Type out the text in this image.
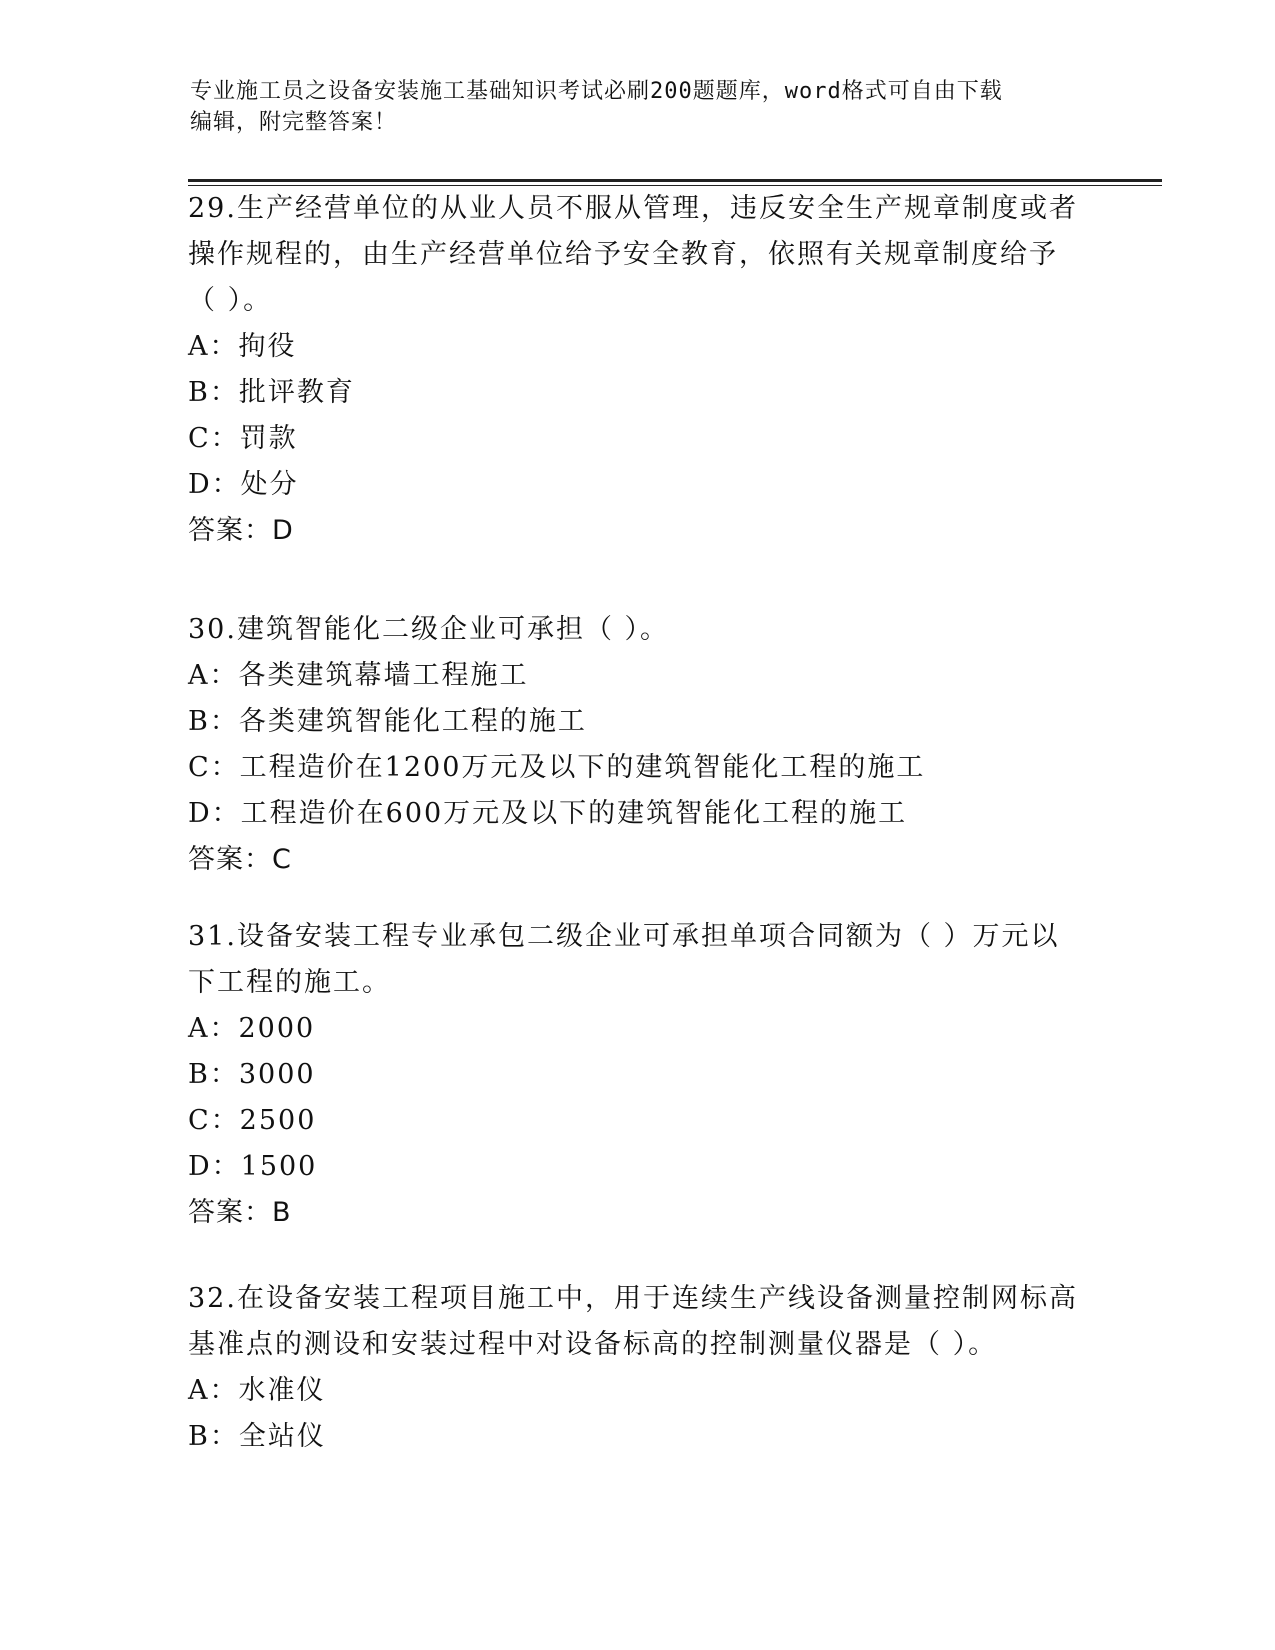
专业施工员之设备安装施工基础知识考试必刷200题题库，word格式可自由下载
编辑，附完整答案！
29.生产经营单位的从业人员不服从管理，违反安全生产规章制度或者
操作规程的，由生产经营单位给予安全教育，依照有关规章制度给予
（ ）。
A：拘役
B：批评教育
C：罚款
D：处分
答案：D
30.建筑智能化二级企业可承担（ ）。
A：各类建筑幕墙工程施工
B：各类建筑智能化工程的施工
C：工程造价在1200万元及以下的建筑智能化工程的施工
D：工程造价在600万元及以下的建筑智能化工程的施工
答案：C
31.设备安装工程专业承包二级企业可承担单项合同额为（ ）万元以
下工程的施工。
A：2000
B：3000
C：2500
D：1500
答案：B
32.在设备安装工程项目施工中，用于连续生产线设备测量控制网标高
基准点的测设和安装过程中对设备标高的控制测量仪器是（ ）。
A：水准仪
B：全站仪
